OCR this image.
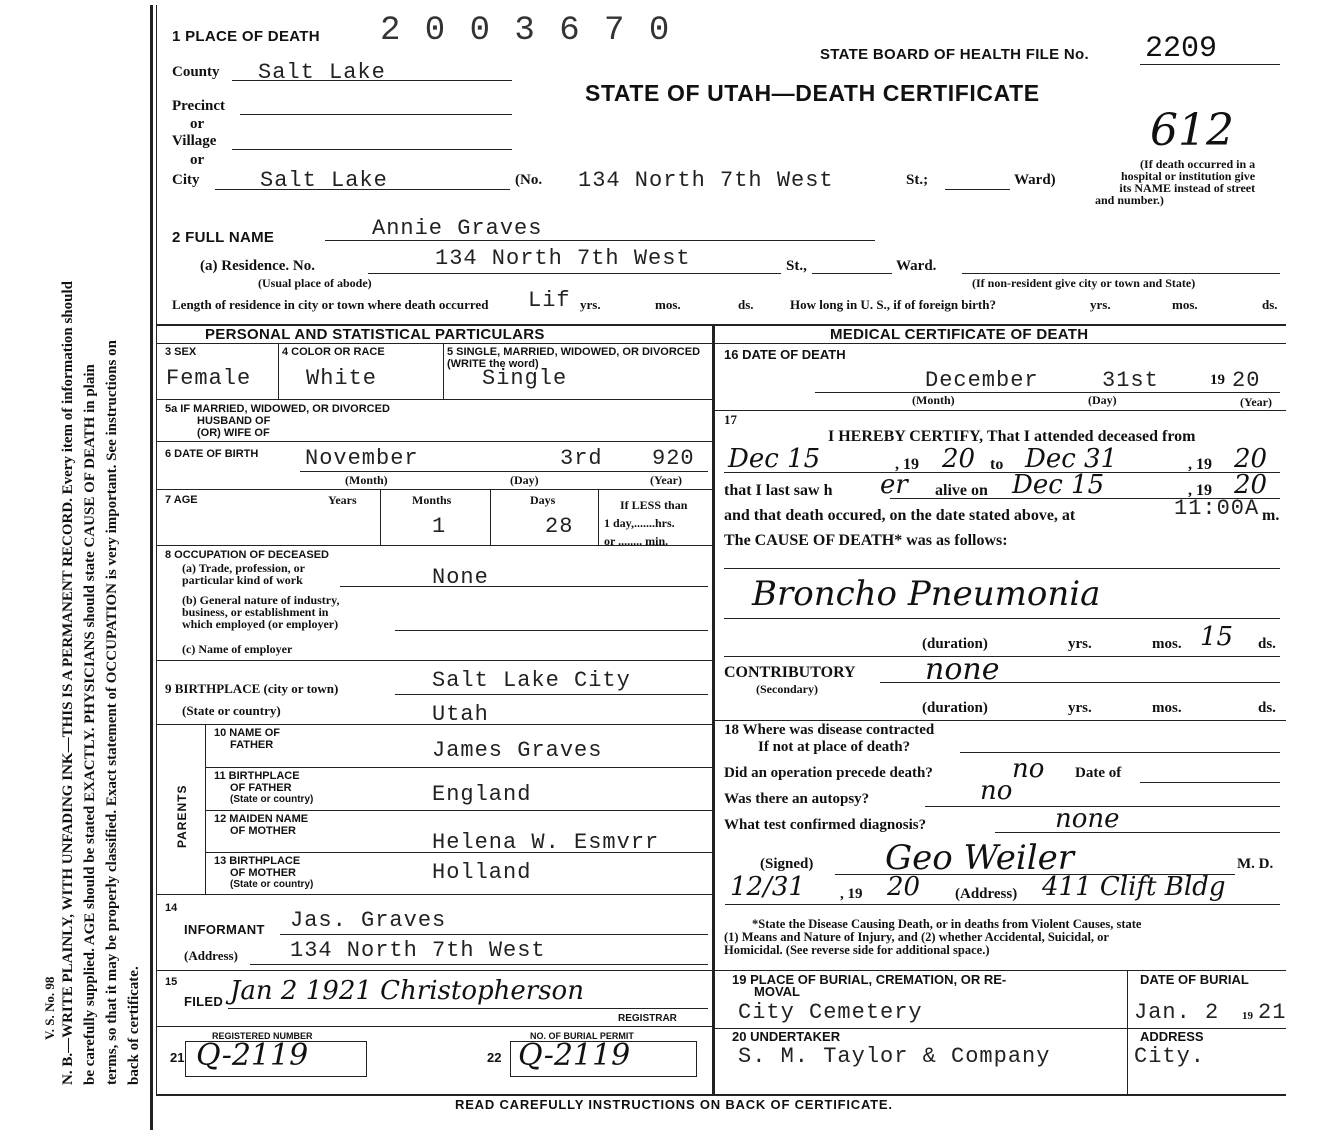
N. B.—WRITE PLAINLY, WITH UNFADING INK—THIS IS A PERMANENT RECORD. Every item of information should be carefully supplied. AGE should be stated EXACTLY. PHYSICIANS should state CAUSE OF DEATH in plain terms, so that it may be properly classified. Exact statement of OCCUPATION is very important. See instructions on back of certificate.
V. S. No. 98
1 PLACE OF DEATH 2 0 0 3 6 7 0
STATE BOARD OF HEALTH FILE No. 2209
STATE OF UTAH—DEATH CERTIFICATE
612
(If death occurred in a
hospital or institution give
its NAME instead of street
and number.)
County Salt Lake
Precinct
or
Village
or
City	Salt Lake	(No. 134 North 7th West	St.;	Ward)
2 FULL NAME	Annie Graves
(a) Residence. No.	134 North 7th West	St.,	Ward.
(Usual place of abode)	(If non-resident give city or town and State)
Length of residence in city or town where death occurred Lif yrs.	mos.	ds.	How long in U. S., if of foreign birth?	yrs.	mos.	ds.
PERSONAL AND STATISTICAL PARTICULARS
3 SEX
Female
4 COLOR OR RACE
White
5 SINGLE, MARRIED, WIDOWED, OR DIVORCED (WRITE the word)
Single
5a IF MARRIED, WIDOWED, OR DIVORCED
HUSBAND OF
(OR) WIFE OF
6 DATE OF BIRTH November	3rd 920
(Month)	(Day)	(Year)
7 AGE	Years	Months
1
Days
28
If LESS than
1 day,.......hrs.
or ........ min.
8 OCCUPATION OF DECEASED
(a) Trade, profession, or
particular kind of work	None
(b) General nature of industry,
business, or establishment in
which employed (or employer)
(c) Name of employer
9 BIRTHPLACE (city or town)	Salt Lake City
(State or country)	Utah
PARENTS
10 NAME OF
FATHER	James Graves
11 BIRTHPLACE
OF FATHER
(State or country)	England
12 MAIDEN NAME
OF MOTHER	Helena W. Esmvrr
13 BIRTHPLACE
OF MOTHER
(State or country)	Holland
14
INFORMANT Jas. Graves
(Address) 134 North 7th West
15
FILED Jan 2 1921 Christopherson
REGISTRAR
REGISTERED NUMBER
21 Q-2119
NO. OF BURIAL PERMIT
22 Q-2119
MEDICAL CERTIFICATE OF DEATH
16 DATE OF DEATH
December	31st	19 20
(Month)	(Day)	(Year)
17
I HEREBY CERTIFY, That I attended deceased from
Dec 15	, 19 20 to Dec 31	, 19 20
that I last saw h er alive on Dec 15	, 19 20
and that death occured, on the date stated above, at	11:00A m.
The CAUSE OF DEATH* was as follows:
Broncho Pneumonia
(duration)	yrs.	mos. 15 ds.
CONTRIBUTORY
(Secondary)
none
(duration)	yrs.	mos.	ds.
18 Where was disease contracted
If not at place of death?
Did an operation precede death?	no Date of
Was there an autopsy?	no
What test confirmed diagnosis?	none
(Signed) Geo Weiler	M. D.
12/31 , 19 20 (Address) 411 Clift Bldg
*State the Disease Causing Death, or in deaths from Violent Causes, state
(1) Means and Nature of Injury, and (2) whether Accidental, Suicidal, or
Homicidal. (See reverse side for additional space.)
19 PLACE OF BURIAL, CREMATION, OR RE-
MOVAL
City Cemetery
DATE OF BURIAL
Jan. 2 19 21
20 UNDERTAKER
S. M. Taylor & Company
ADDRESS
City.
READ CAREFULLY INSTRUCTIONS ON BACK OF CERTIFICATE.
